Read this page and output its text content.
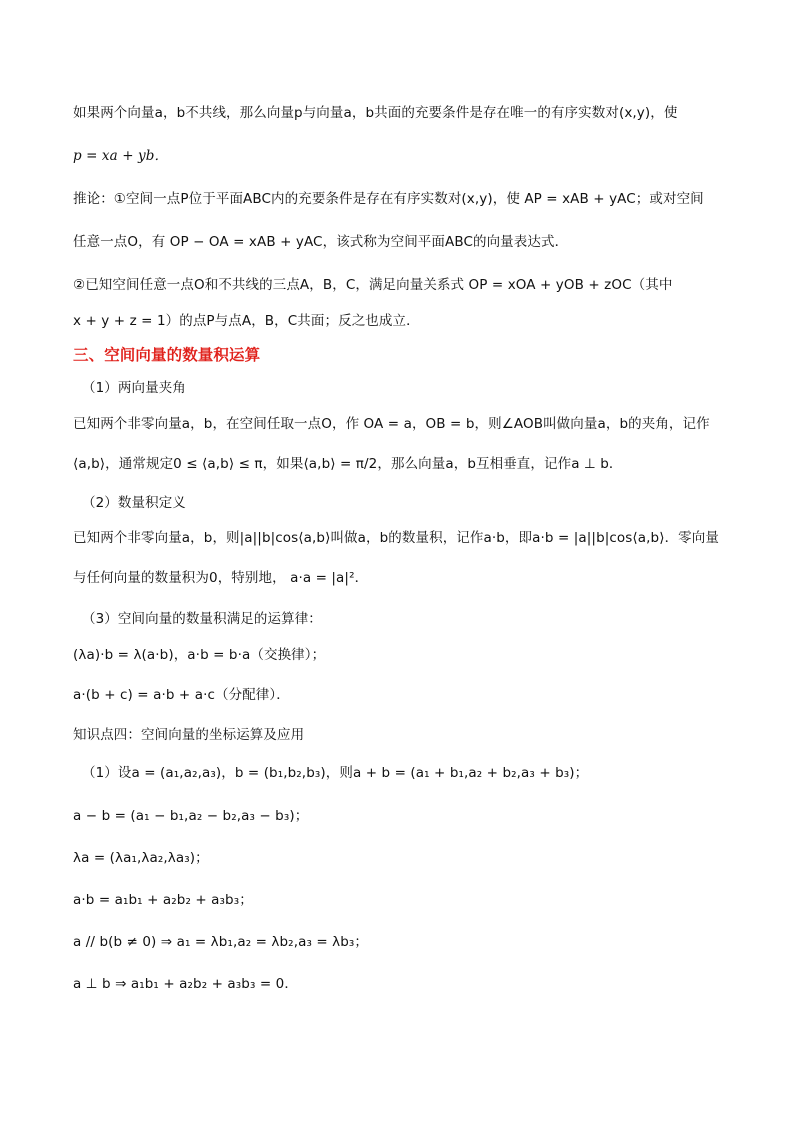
如果两个向量a，b不共线，那么向量p与向量a，b共面的充要条件是存在唯一的有序实数对(x,y)，使
p = xa + yb．
推论：①空间一点P位于平面ABC内的充要条件是存在有序实数对(x,y)，使 AP = xAB + yAC；或对空间
任意一点O，有 OP − OA = xAB + yAC，该式称为空间平面ABC的向量表达式．
②已知空间任意一点O和不共线的三点A，B，C，满足向量关系式 OP = xOA + yOB + zOC（其中
x + y + z = 1）的点P与点A，B，C共面；反之也成立．
三、空间向量的数量积运算
（1）两向量夹角
已知两个非零向量a，b，在空间任取一点O，作 OA = a，OB = b，则∠AOB叫做向量a，b的夹角，记作
⟨a,b⟩，通常规定0 ≤ ⟨a,b⟩ ≤ π，如果⟨a,b⟩ = π/2，那么向量a，b互相垂直，记作a ⊥ b．
（2）数量积定义
已知两个非零向量a，b，则|a||b|cos⟨a,b⟩叫做a，b的数量积，记作a·b，即a·b = |a||b|cos⟨a,b⟩．零向量
与任何向量的数量积为0，特别地， a·a = |a|²．
（3）空间向量的数量积满足的运算律：
(λa)·b = λ(a·b)，a·b = b·a（交换律）；
a·(b + c) = a·b + a·c（分配律）．
知识点四：空间向量的坐标运算及应用
（1）设a = (a₁,a₂,a₃)，b = (b₁,b₂,b₃)，则a + b = (a₁ + b₁,a₂ + b₂,a₃ + b₃)；
a − b = (a₁ − b₁,a₂ − b₂,a₃ − b₃)；
λa = (λa₁,λa₂,λa₃)；
a·b = a₁b₁ + a₂b₂ + a₃b₃；
a // b(b ≠ 0) ⇒ a₁ = λb₁,a₂ = λb₂,a₃ = λb₃；
a ⊥ b ⇒ a₁b₁ + a₂b₂ + a₃b₃ = 0．
